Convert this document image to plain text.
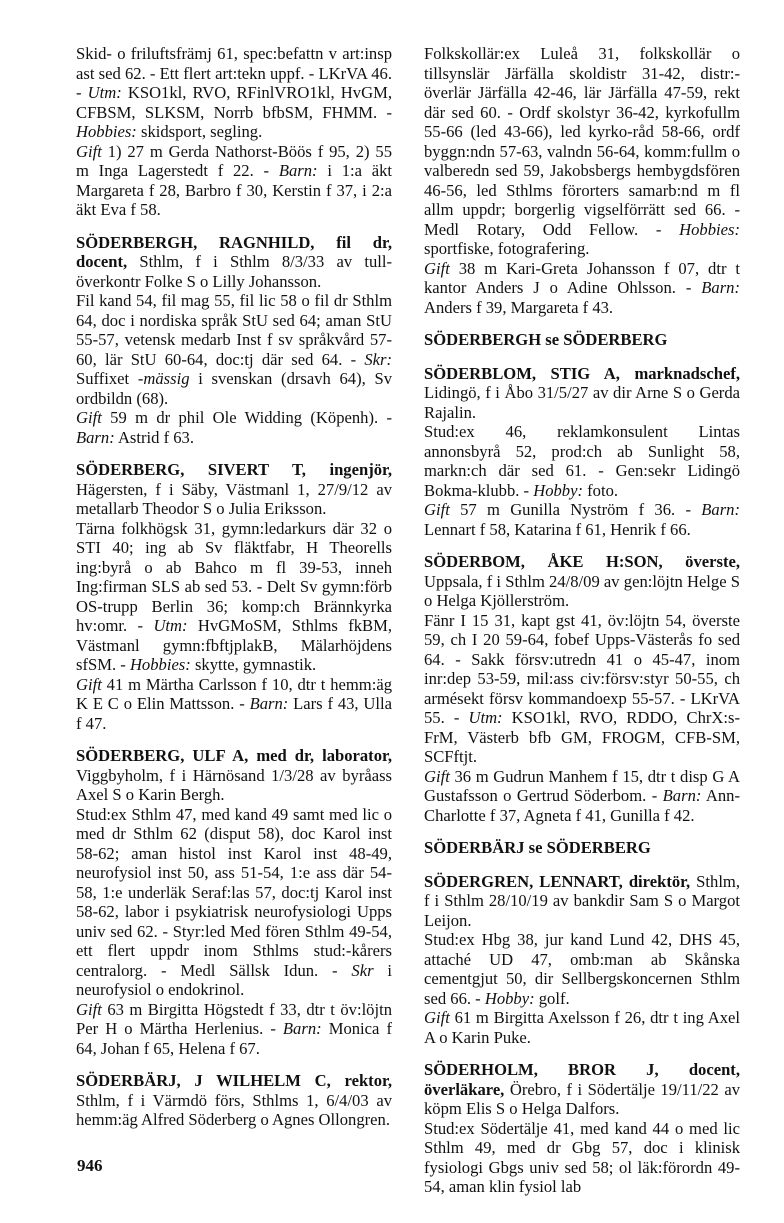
Skid- o friluftsfrämj 61, spec:befattn v art:insp ast sed 62. - Ett flert art:tekn uppf. - LKrVA 46. - Utm: KSO1kl, RVO, RFinlVRO1kl, HvGM, CFBSM, SLKSM, Norrb bfbSM, FHMM. - Hobbies: skidsport, segling.

Gift 1) 27 m Gerda Nathorst-Böös f 95, 2) 55 m Inga Lagerstedt f 22. - Barn: i 1:a äkt Margareta f 28, Barbro f 30, Kerstin f 37, i 2:a äkt Eva f 58.

SÖDERBERGH, RAGNHILD, fil dr, docent, Sthlm, f i Sthlm 8/3/33 av tull-överkontr Folke S o Lilly Johansson.

Fil kand 54, fil mag 55, fil lic 58 o fil dr Sthlm 64, doc i nordiska språk StU sed 64; aman StU 55-57, vetensk medarb Inst f sv språkvård 57-60, lär StU 60-64, doc:tj där sed 64. - Skr: Suffixet -mässig i svenskan (drsavh 64), Sv ordbildn (68).

Gift 59 m dr phil Ole Widding (Köpenh). - Barn: Astrid f 63.

SÖDERBERG, SIVERT T, ingenjör, Hägersten, f i Säby, Västmanl 1, 27/9/12 av metallarb Theodor S o Julia Eriksson.

Tärna folkhögsk 31, gymn:ledarkurs där 32 o STI 40; ing ab Sv fläktfabr, H Theorells ing:byrå o ab Bahco m fl 39-53, inneh Ing:firman SLS ab sed 53. - Delt Sv gymn:förb OS-trupp Berlin 36; komp:ch Brännkyrka hv:omr. - Utm: HvGMoSM, Sthlms fkBM, Västmanl gymn:fbftjplakB, Mälarhöjdens sfSM. - Hobbies: skytte, gymnastik.

Gift 41 m Märtha Carlsson f 10, dtr t hemm:äg K E C o Elin Mattsson. - Barn: Lars f 43, Ulla f 47.

SÖDERBERG, ULF A, med dr, laborator, Viggbyholm, f i Härnösand 1/3/28 av byråass Axel S o Karin Bergh.

Stud:ex Sthlm 47, med kand 49 samt med lic o med dr Sthlm 62 (disput 58), doc Karol inst 58-62; aman histol inst Karol inst 48-49, neurofysiol inst 50, ass 51-54, 1:e ass där 54-58, 1:e underläk Seraf:las 57, doc:tj Karol inst 58-62, labor i psykiatrisk neurofysiologi Upps univ sed 62. - Styr:led Med fören Sthlm 49-54, ett flert uppdr inom Sthlms stud:-kårers centralorg. - Medl Sällsk Idun. - Skr i neurofysiol o endokrinol.

Gift 63 m Birgitta Högstedt f 33, dtr t öv:löjtn Per H o Märtha Herlenius. - Barn: Monica f 64, Johan f 65, Helena f 67.

SÖDERBÄRJ, J WILHELM C, rektor, Sthlm, f i Värmdö förs, Sthlms 1, 6/4/03 av hemm:äg Alfred Söderberg o Agnes Ollongren.

Folkskollär:ex Luleå 31, folkskollär o tillsynslär Järfälla skoldistr 31-42, distr:-överlär Järfälla 42-46, lär Järfälla 47-59, rekt där sed 60. - Ordf skolstyr 36-42, kyrkofullm 55-66 (led 43-66), led kyrko-råd 58-66, ordf byggn:ndn 57-63, valndn 56-64, komm:fullm o valberedn sed 59, Jakobsbergs hembygdsfören 46-56, led Sthlms förorters samarb:nd m fl allm uppdr; borgerlig vigselförrätt sed 66. - Medl Rotary, Odd Fellow. - Hobbies: sportfiske, fotografering.

Gift 38 m Kari-Greta Johansson f 07, dtr t kantor Anders J o Adine Ohlsson. - Barn: Anders f 39, Margareta f 43.

SÖDERBERGH se SÖDERBERG

SÖDERBLOM, STIG A, marknadschef, Lidingö, f i Åbo 31/5/27 av dir Arne S o Gerda Rajalin.

Stud:ex 46, reklamkonsulent Lintas annonsbyrå 52, prod:ch ab Sunlight 58, markn:ch där sed 61. - Gen:sekr Lidingö Bokma-klubb. - Hobby: foto.

Gift 57 m Gunilla Nyström f 36. - Barn: Lennart f 58, Katarina f 61, Henrik f 66.

SÖDERBOM, ÅKE H:SON, överste, Uppsala, f i Sthlm 24/8/09 av gen:löjtn Helge S o Helga Kjöllerström.

Fänr I 15 31, kapt gst 41, öv:löjtn 54, överste 59, ch I 20 59-64, fobef Upps-Västerås fo sed 64. - Sakk försv:utredn 41 o 45-47, inom inr:dep 53-59, mil:ass civ:försv:styr 50-55, ch armésekt försv kommandoexp 55-57. - LKrVA 55. - Utm: KSO1kl, RVO, RDDO, ChrX:s-FrM, Västerb bfb GM, FROGM, CFB-SM, SCFftjt.

Gift 36 m Gudrun Manhem f 15, dtr t disp G A Gustafsson o Gertrud Söderbom. - Barn: Ann-Charlotte f 37, Agneta f 41, Gunilla f 42.

SÖDERBÄRJ se SÖDERBERG

SÖDERGREN, LENNART, direktör, Sthlm, f i Sthlm 28/10/19 av bankdir Sam S o Margot Leijon.

Stud:ex Hbg 38, jur kand Lund 42, DHS 45, attaché UD 47, omb:man ab Skånska cementgjut 50, dir Sellbergskoncernen Sthlm sed 66. - Hobby: golf.

Gift 61 m Birgitta Axelsson f 26, dtr t ing Axel A o Karin Puke.

SÖDERHOLM, BROR J, docent, överläkare, Örebro, f i Södertälje 19/11/22 av köpm Elis S o Helga Dalfors.

Stud:ex Södertälje 41, med kand 44 o med lic Sthlm 49, med dr Gbg 57, doc i klinisk fysiologi Gbgs univ sed 58; ol läk:förordn 49-54, aman klin fysiol lab

946
